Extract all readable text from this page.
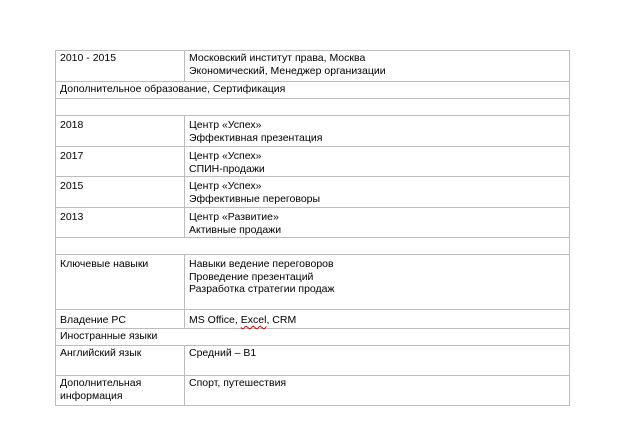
2010 - 2015	Московский институт права, Москва
Экономический, Менеджер организации

Дополнительное образование, Сертификация	

2018	Центр «Успех»
Эффективная презентация

2017	Центр «Успех»
СПИН-продажи

2015	Центр «Успех»
Эффективные переговоры

2013	Центр «Развитие»
Активные продажи

Ключевые навыки	Навыки ведение переговоров
Проведение презентаций
Разработка стратегии продаж

Владение PC	MS Office, Excel, CRM
Иностранные языки	
Английский язык	Средний – В1

Дополнительная
информация	Спорт, путешествия
